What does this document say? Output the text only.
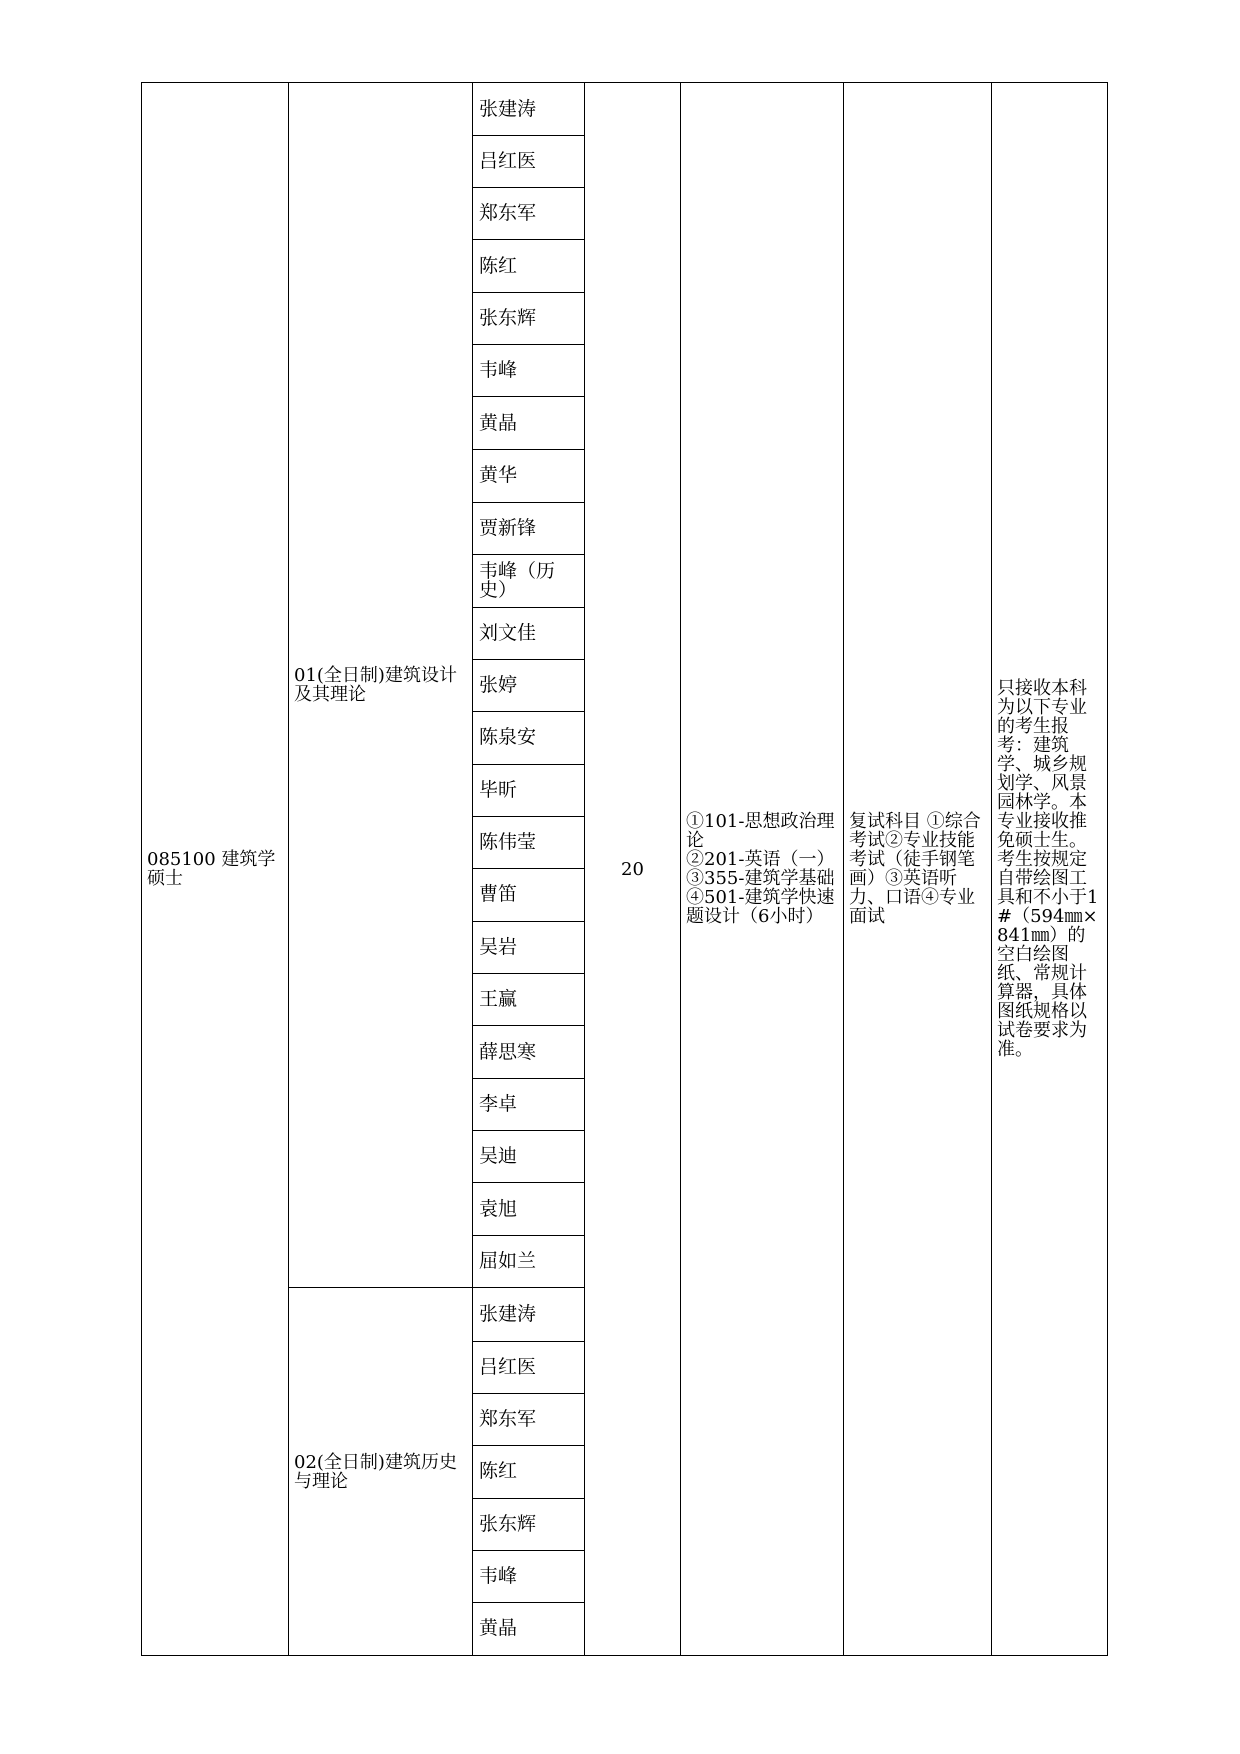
085100 建筑学硕士	01(全日制)建筑设计及其理论	张建涛	20	①101-思想政治理论
②201-英语（一）
③355-建筑学基础
④501-建筑学快速题设计（6小时）	复试科目 ①综合考试②专业技能考试（徒手钢笔画）③英语听力、口语④专业面试	只接收本科为以下专业的考生报考：建筑学、城乡规划学、风景园林学。本专业接收推免硕士生。考生按规定自带绘图工具和不小于1#（594㎜×841㎜）的空白绘图纸、常规计算器，具体图纸规格以试卷要求为准。
		吕红医				
		郑东军				
		陈红				
		张东辉				
		韦峰				
		黄晶				
		黄华				
		贾新锋				
		韦峰（历史）				
		刘文佳				
		张婷				
		陈泉安				
		毕昕				
		陈伟莹				
		曹笛				
		吴岩				
		王赢				
		薛思寒				
		李卓				
		吴迪				
		袁旭				
		屈如兰				
	02(全日制)建筑历史与理论	张建涛				
		吕红医				
		郑东军				
		陈红				
		张东辉				
		韦峰				
		黄晶				
